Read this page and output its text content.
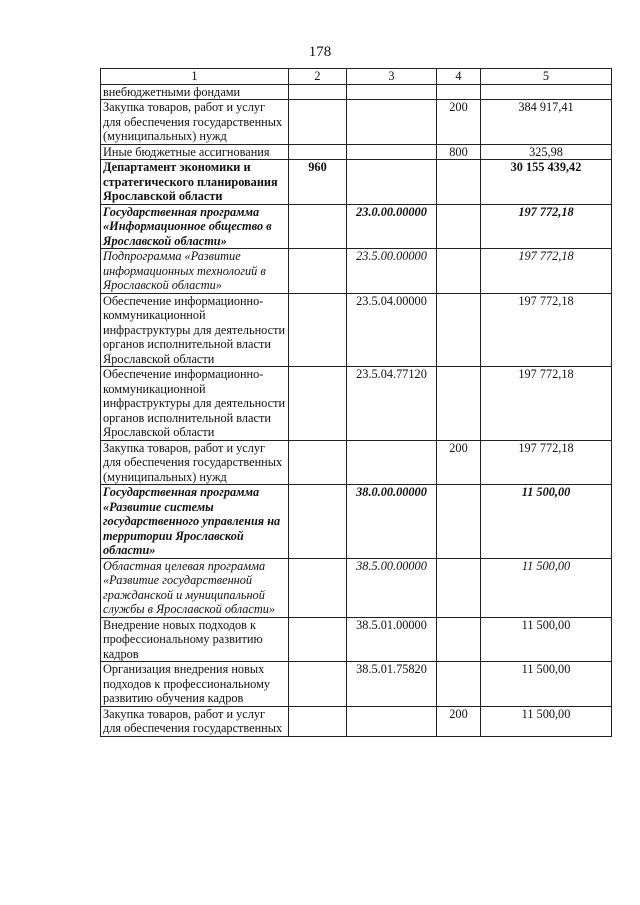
178
1	2	3	4	5
внебюджетными фондами				
Закупка товаров, работ и услуг для обеспечения государственных (муниципальных) нужд			200	384 917,41
Иные бюджетные ассигнования			800	325,98
Департамент экономики и стратегического планирования Ярославской области	960			30 155 439,42
Государственная программа «Информационное общество в Ярославской области»		23.0.00.00000		197 772,18
Подпрограмма «Развитие информационных технологий в Ярославской области»		23.5.00.00000		197 772,18
Обеспечение информационно-коммуникационной инфраструктуры для деятельности органов исполнительной власти Ярославской области		23.5.04.00000		197 772,18
Обеспечение информационно-коммуникационной инфраструктуры для деятельности органов исполнительной власти Ярославской области		23.5.04.77120		197 772,18
Закупка товаров, работ и услуг для обеспечения государственных (муниципальных) нужд			200	197 772,18
Государственная программа «Развитие системы государственного управления на территории Ярославской области»		38.0.00.00000		11 500,00
Областная целевая программа «Развитие государственной гражданской и муниципальной службы в Ярославской области»		38.5.00.00000		11 500,00
Внедрение новых подходов к профессиональному развитию кадров		38.5.01.00000		11 500,00
Организация внедрения новых подходов к профессиональному развитию обучения кадров		38.5.01.75820		11 500,00
Закупка товаров, работ и услуг для обеспечения государственных			200	11 500,00
